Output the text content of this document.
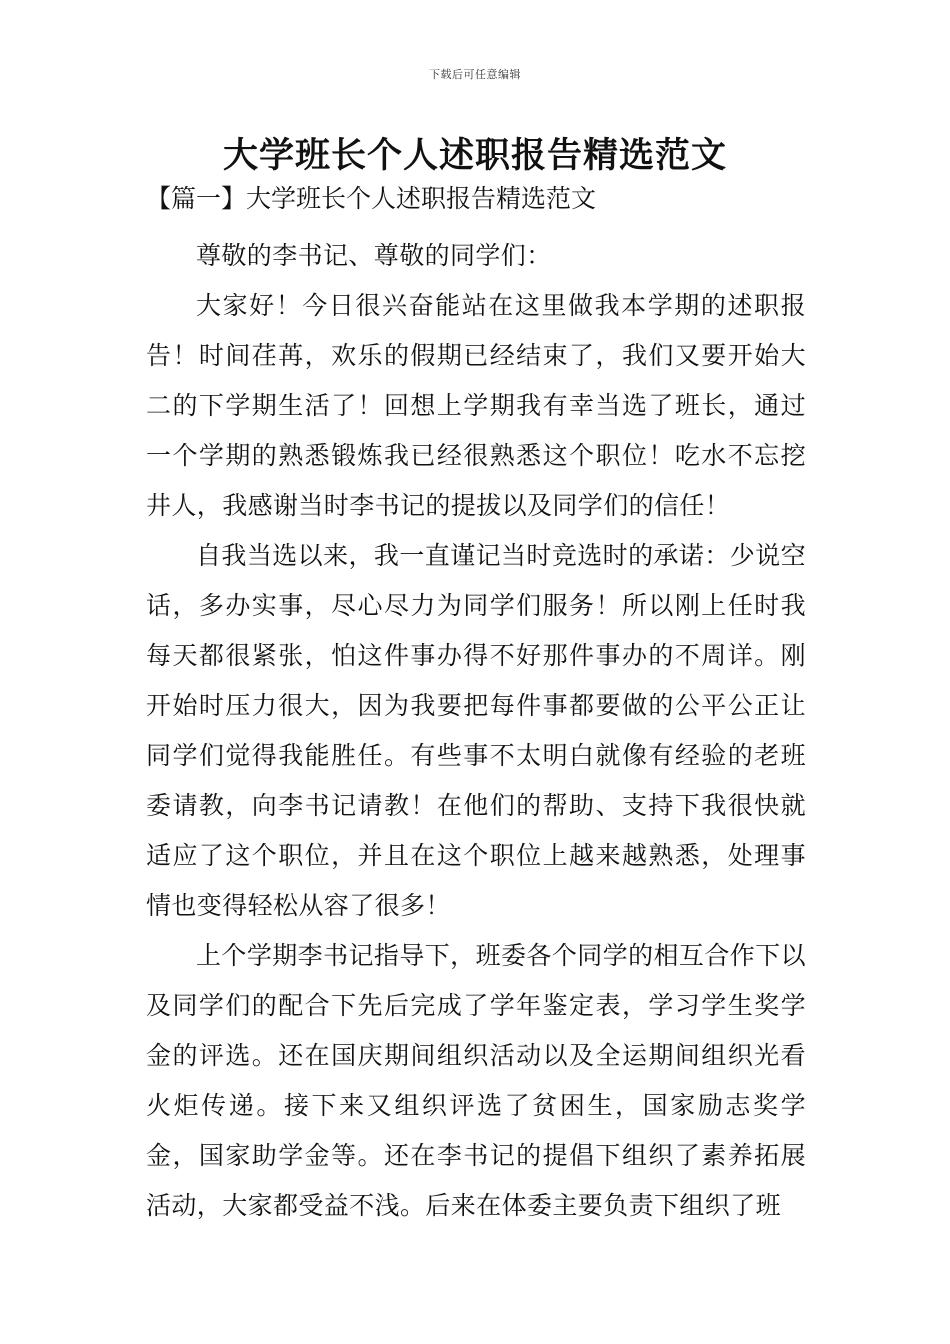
下载后可任意编辑
大学班长个人述职报告精选范文
【篇一】大学班长个人述职报告精选范文

尊敬的李书记、尊敬的同学们：

大家好！今日很兴奋能站在这里做我本学期的述职报告！时间荏苒，欢乐的假期已经结束了，我们又要开始大二的下学期生活了！回想上学期我有幸当选了班长，通过一个学期的熟悉锻炼我已经很熟悉这个职位！吃水不忘挖井人，我感谢当时李书记的提拔以及同学们的信任！

自我当选以来，我一直谨记当时竞选时的承诺：少说空话，多办实事，尽心尽力为同学们服务！所以刚上任时我每天都很紧张，怕这件事办得不好那件事办的不周详。刚开始时压力很大，因为我要把每件事都要做的公平公正让同学们觉得我能胜任。有些事不太明白就像有经验的老班委请教，向李书记请教！在他们的帮助、支持下我很快就适应了这个职位，并且在这个职位上越来越熟悉，处理事情也变得轻松从容了很多！

上个学期李书记指导下，班委各个同学的相互合作下以及同学们的配合下先后完成了学年鉴定表，学习学生奖学金的评选。还在国庆期间组织活动以及全运期间组织光看火炬传递。接下来又组织评选了贫困生，国家励志奖学金，国家助学金等。还在李书记的提倡下组织了素养拓展活动，大家都受益不浅。后来在体委主要负责下组织了班
